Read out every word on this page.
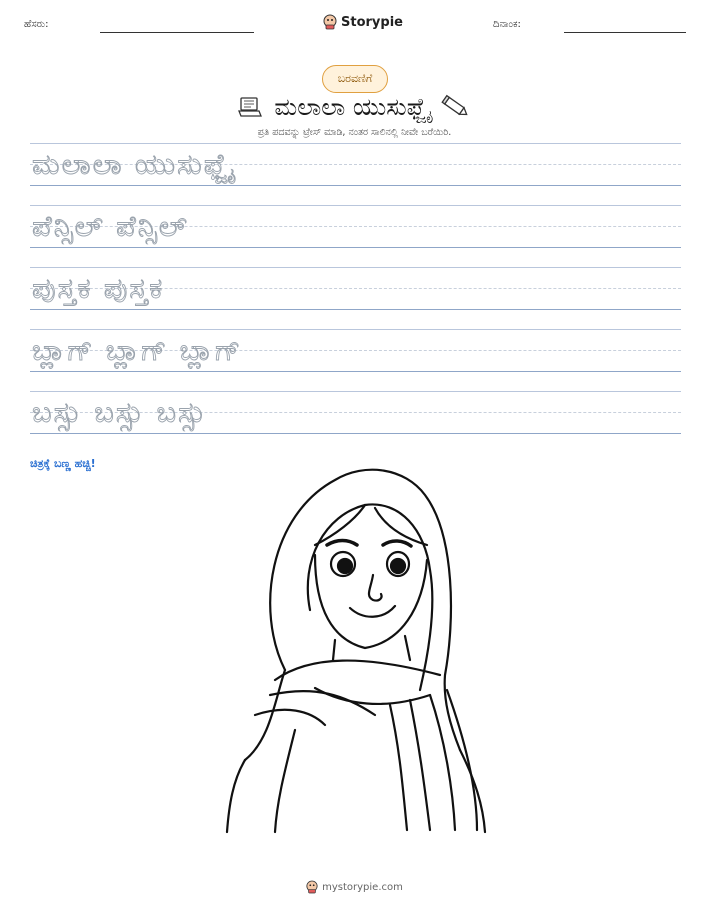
ಹೆಸರು:	Storypie	ದಿನಾಂಕ:
ಬರವಣಿಗೆ
ಮಲಾಲಾ ಯುಸುಫ್ಜೈ
ಪ್ರತಿ ಪದವನ್ನು ಟ್ರೇಸ್ ಮಾಡಿ, ನಂತರ ಸಾಲಿನಲ್ಲಿ ನೀವೇ ಬರೆಯಿರಿ.
ಮಲಾಲಾ ಯುಸುಫ್ಜೈ
ಪೆನ್ಸಿಲ್ ಪೆನ್ಸಿಲ್
ಪುಸ್ತಕ ಪುಸ್ತಕ
ಬ್ಲಾಗ್ ಬ್ಲಾಗ್ ಬ್ಲಾಗ್
ಬಸ್ಸು ಬಸ್ಸು ಬಸ್ಸು
ಚಿತ್ರಕ್ಕೆ ಬಣ್ಣ ಹಚ್ಚಿ!
mystorypie.com
